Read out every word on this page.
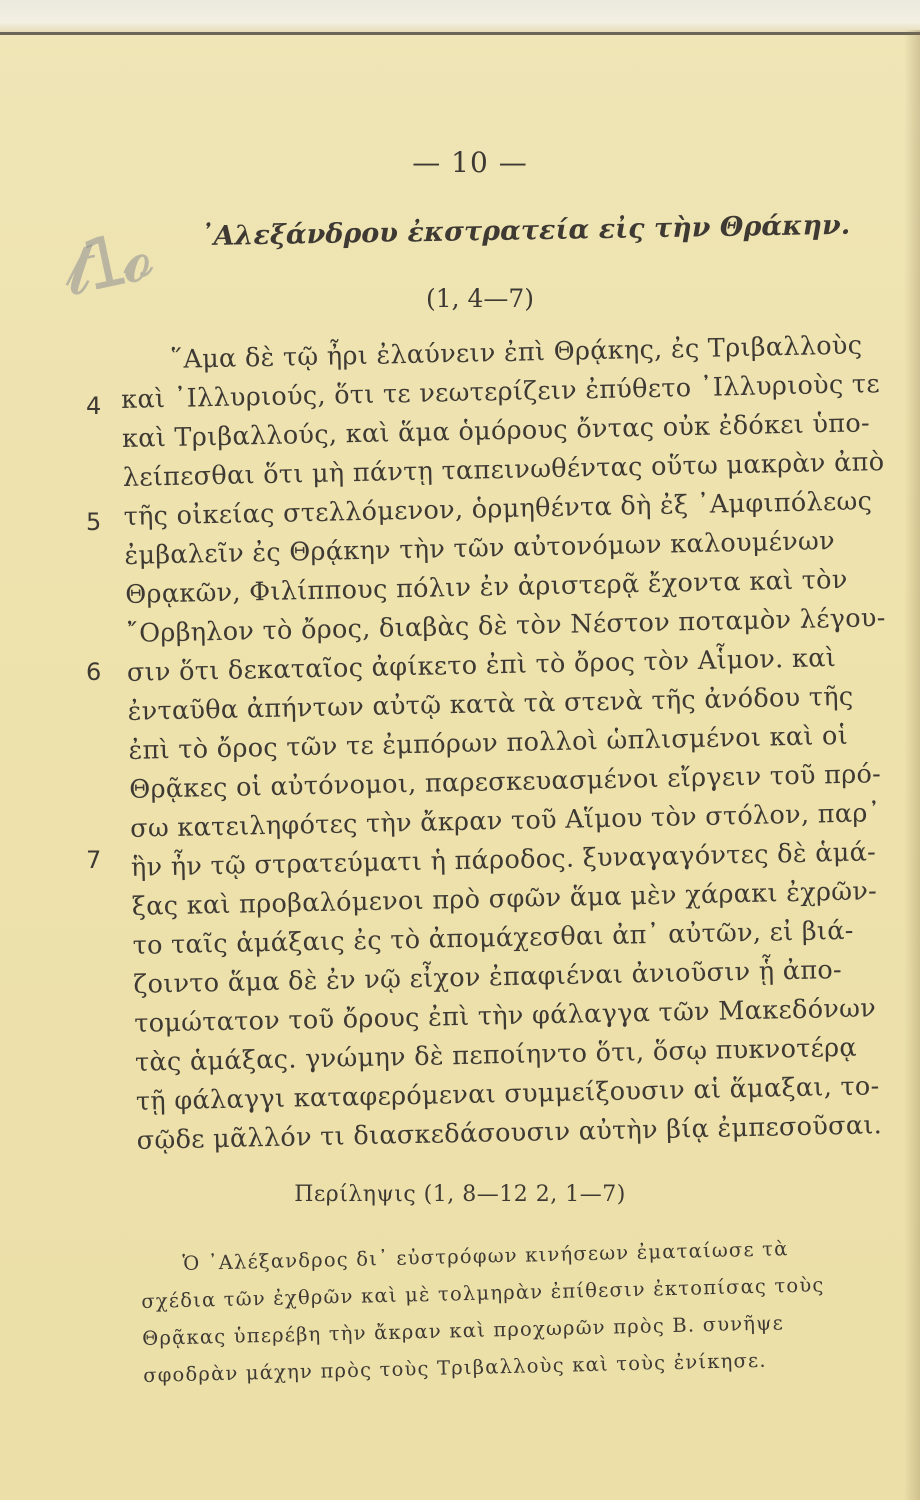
𝓽1𝓸
— 10 —
᾿Αλεξάνδρου ἐκστρατεία εἰς τὴν Θράκην.
(1, 4—7)
4
5
6
7
῞Αμα δὲ τῷ ἦρι ἐλαύνειν ἐπὶ Θρᾴκης, ἐς Τριβαλλοὺς
καὶ ᾿Ιλλυριούς, ὅτι τε νεωτερίζειν ἐπύθετο ᾿Ιλλυριοὺς τε
καὶ Τριβαλλούς, καὶ ἅμα ὁμόρους ὄντας οὐκ ἐδόκει ὑπο-
λείπεσθαι ὅτι μὴ πάντῃ ταπεινωθέντας οὕτω μακρὰν ἀπὸ
τῆς οἰκείας στελλόμενον, ὁρμηθέντα δὴ ἐξ ᾿Αμφιπόλεως
ἐμβαλεῖν ἐς Θρᾴκην τὴν τῶν αὐτονόμων καλουμένων
Θρᾳκῶν, Φιλίππους πόλιν ἐν ἀριστερᾷ ἔχοντα καὶ τὸν
῎Ορβηλον τὸ ὄρος, διαβὰς δὲ τὸν Νέστον ποταμὸν λέγου-
σιν ὅτι δεκαταῖος ἀφίκετο ἐπὶ τὸ ὄρος τὸν Αἷμον. καὶ
ἐνταῦθα ἀπήντων αὐτῷ κατὰ τὰ στενὰ τῆς ἀνόδου τῆς
ἐπὶ τὸ ὄρος τῶν τε ἐμπόρων πολλοὶ ὡπλισμένοι καὶ οἱ
Θρᾷκες οἱ αὐτόνομοι, παρεσκευασμένοι εἴργειν τοῦ πρό-
σω κατειληφότες τὴν ἄκραν τοῦ Αἵμου τὸν στόλον, παρ᾿
ἣν ἦν τῷ στρατεύματι ἡ πάροδος. ξυναγαγόντες δὲ ἁμά-
ξας καὶ προβαλόμενοι πρὸ σφῶν ἅμα μὲν χάρακι ἐχρῶν-
το ταῖς ἁμάξαις ἐς τὸ ἀπομάχεσθαι ἀπ᾿ αὐτῶν, εἰ βιά-
ζοιντο ἅμα δὲ ἐν νῷ εἶχον ἐπαφιέναι ἀνιοῦσιν ᾗ ἀπο-
τομώτατον τοῦ ὄρους ἐπὶ τὴν φάλαγγα τῶν Μακεδόνων
τὰς ἁμάξας. γνώμην δὲ πεποίηντο ὅτι, ὅσῳ πυκνοτέρᾳ
τῇ φάλαγγι καταφερόμεναι συμμείξουσιν αἱ ἅμαξαι, το-
σῷδε μᾶλλόν τι διασκεδάσουσιν αὐτὴν βίᾳ ἐμπεσοῦσαι.
Περίληψις (1, 8—12 2, 1—7)
Ὁ ᾿Αλέξανδρος δι᾿ εὐστρόφων κινήσεων ἐματαίωσε τὰ
σχέδια τῶν ἐχθρῶν καὶ μὲ τολμηρὰν ἐπίθεσιν ἐκτοπίσας τοὺς
Θρᾷκας ὑπερέβη τὴν ἄκραν καὶ προχωρῶν πρὸς Β. συνῆψε
σφοδρὰν μάχην πρὸς τοὺς Τριβαλλοὺς καὶ τοὺς ἐνίκησε.
